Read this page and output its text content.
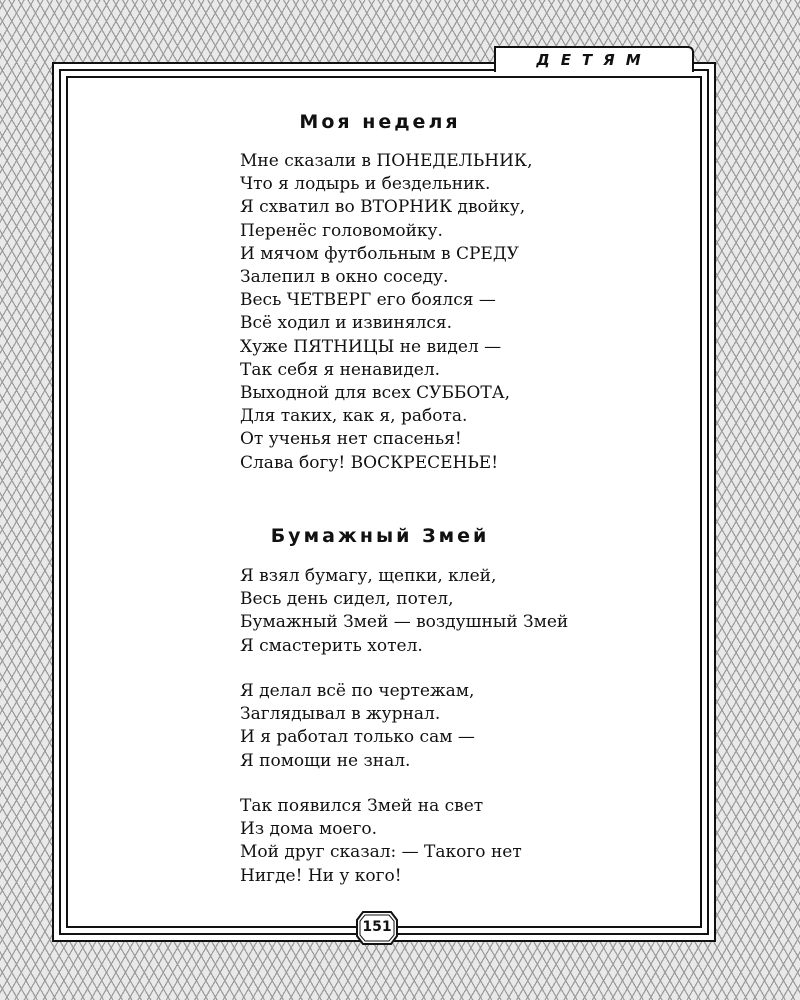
ДЕТЯМ
Моя неделя
Мне сказали в ПОНЕДЕЛЬНИК,
Что я лодырь и бездельник.
Я схватил во ВТОРНИК двойку,
Перенёс головомойку.
И мячом футбольным в СРЕДУ
Залепил в окно соседу.
Весь ЧЕТВЕРГ его боялся —
Всё ходил и извинялся.
Хуже ПЯТНИЦЫ не видел —
Так себя я ненавидел.
Выходной для всех СУББОТА,
Для таких, как я, работа.
От ученья нет спасенья!
Слава богу! ВОСКРЕСЕНЬЕ!
Бумажный Змей
Я взял бумагу, щепки, клей,
Весь день сидел, потел,
Бумажный Змей — воздушный Змей
Я смастерить хотел.
Я делал всё по чертежам,
Заглядывал в журнал.
И я работал только сам —
Я помощи не знал.
Так появился Змей на свет
Из дома моего.
Мой друг сказал: — Такого нет
Нигде! Ни у кого!
151
